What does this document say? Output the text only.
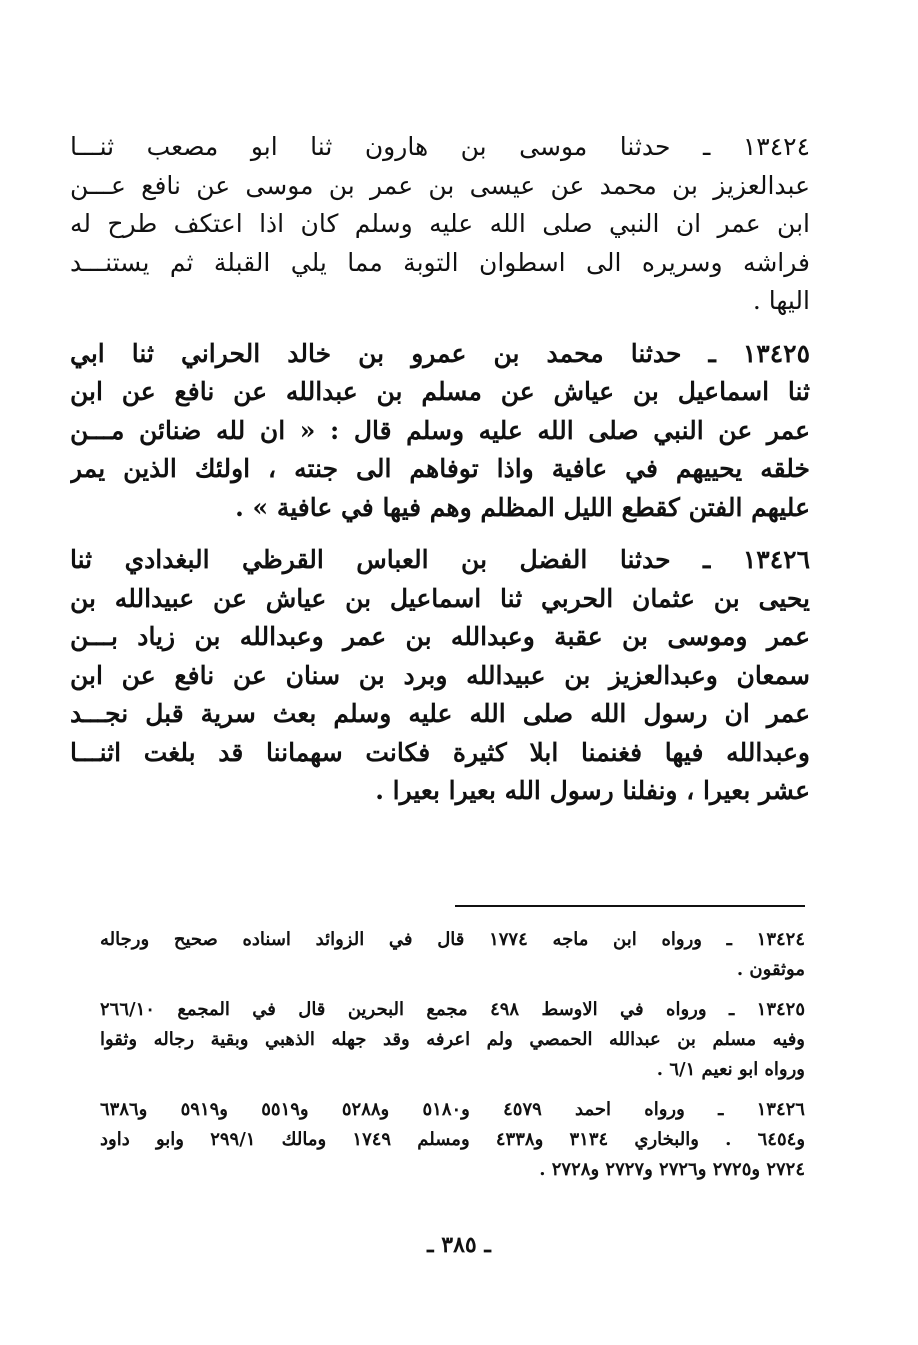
١٣٤٢٤ ـ حدثنا موسى بن هارون ثنا ابو مصعب ثنـــا
عبدالعزيز بن محمد عن عيسى بن عمر بن موسى عن نافع عـــن
ابن عمر ان النبي صلى الله عليه وسلم كان اذا اعتكف طرح له
فراشه وسريره الى اسطوان التوبة مما يلي القبلة ثم يستنـــد
اليها .
١٣٤٢٥ ـ حدثنا محمد بن عمرو بن خالد الحراني ثنا ابي
ثنا اسماعيل بن عياش عن مسلم بن عبدالله عن نافع عن ابن
عمر عن النبي صلى الله عليه وسلم قال : « ان لله ضنائن مـــن
خلقه يحييهم في عافية واذا توفاهم الى جنته ، اولئك الذين يمر
عليهم الفتن كقطع الليل المظلم وهم فيها في عافية » .
١٣٤٢٦ ـ حدثنا الفضل بن العباس القرظي البغدادي ثنا
يحيى بن عثمان الحربي ثنا اسماعيل بن عياش عن عبيدالله بن
عمر وموسى بن عقبة وعبدالله بن عمر وعبدالله بن زياد بـــن
سمعان وعبدالعزيز بن عبيدالله وبرد بن سنان عن نافع عن ابن
عمر ان رسول الله صلى الله عليه وسلم بعث سرية قبل نجـــد
وعبدالله فيها فغنمنا ابلا كثيرة فكانت سهماننا قد بلغت اثنـــا
عشر بعيرا ، ونفلنا رسول الله بعيرا بعيرا .
١٣٤٢٤ ـ ورواه ابن ماجه ١٧٧٤ قال في الزوائد اسناده صحيح ورجاله
موثقون .
١٣٤٢٥ ـ ورواه في الاوسط ٤٩٨ مجمع البحرين قال في المجمع ٢٦٦/١٠
وفيه مسلم بن عبدالله الحمصي ولم اعرفه وقد جهله الذهبي وبقية رجاله وثقوا
ورواه ابو نعيم ٦/١ .
١٣٤٢٦ ـ ورواه احمد ٤٥٧٩ و٥١٨٠ و٥٢٨٨ و٥٥١٩ و٥٩١٩ و٦٣٨٦
و٦٤٥٤ . والبخاري ٣١٣٤ و٤٣٣٨ ومسلم ١٧٤٩ ومالك ٢٩٩/١ وابو داود
٢٧٢٤ و٢٧٢٥ و٢٧٢٦ و٢٧٢٧ و٢٧٢٨ .
ـ ٣٨٥ ـ
